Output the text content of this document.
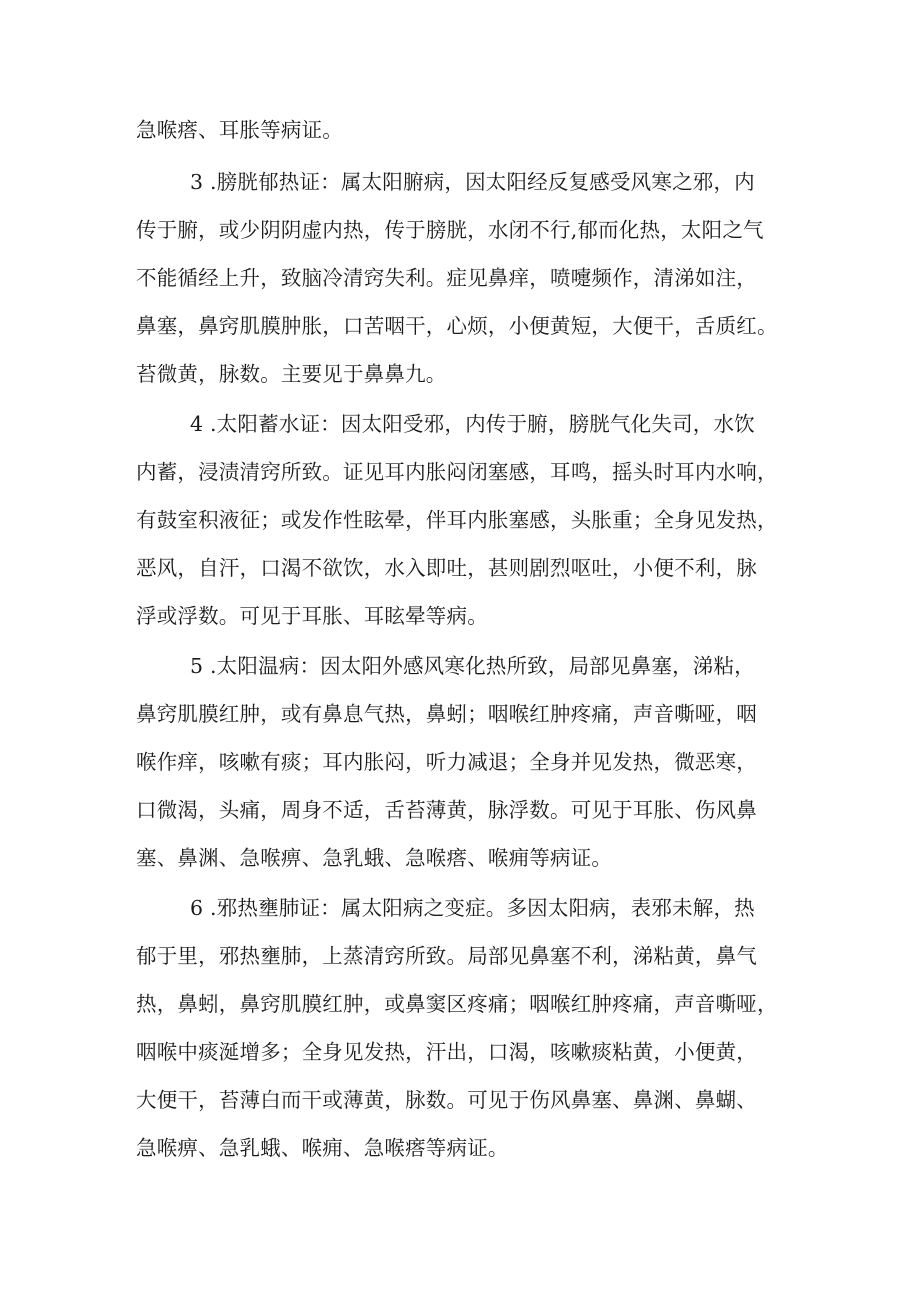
急喉瘩、耳胀等病证。
3 .膀胱郁热证：属太阳腑病，因太阳经反复感受风寒之邪，内
传于腑，或少阴阴虚内热，传于膀胱，水闭不行,郁而化热，太阳之气
不能循经上升，致脑冷清窍失利。症见鼻痒，喷嚏频作，清涕如注，
鼻塞，鼻窍肌膜肿胀，口苦咽干，心烦，小便黄短，大便干，舌质红。
苔微黄，脉数。主要见于鼻鼻九。
4 .太阳蓄水证：因太阳受邪，内传于腑，膀胱气化失司，水饮
内蓄，浸渍清窍所致。证见耳内胀闷闭塞感，耳鸣，摇头时耳内水响，
有鼓室积液征；或发作性眩晕，伴耳内胀塞感，头胀重；全身见发热，
恶风，自汗，口渴不欲饮，水入即吐，甚则剧烈呕吐，小便不利，脉
浮或浮数。可见于耳胀、耳眩晕等病。
5 .太阳温病：因太阳外感风寒化热所致，局部见鼻塞，涕粘，
鼻窍肌膜红肿，或有鼻息气热，鼻蚓；咽喉红肿疼痛，声音嘶哑，咽
喉作痒，咳嗽有痰；耳内胀闷，听力减退；全身并见发热，微恶寒，
口微渴，头痛，周身不适，舌苔薄黄，脉浮数。可见于耳胀、伤风鼻
塞、鼻渊、急喉痹、急乳蛾、急喉瘩、喉痈等病证。
6 .邪热壅肺证：属太阳病之变症。多因太阳病，表邪未解，热
郁于里，邪热壅肺，上蒸清窍所致。局部见鼻塞不利，涕粘黄，鼻气
热，鼻蚓，鼻窍肌膜红肿，或鼻窦区疼痛；咽喉红肿疼痛，声音嘶哑，
咽喉中痰涎增多；全身见发热，汗出，口渴，咳嗽痰粘黄，小便黄，
大便干，苔薄白而干或薄黄，脉数。可见于伤风鼻塞、鼻渊、鼻蝴、
急喉痹、急乳蛾、喉痈、急喉瘩等病证。
